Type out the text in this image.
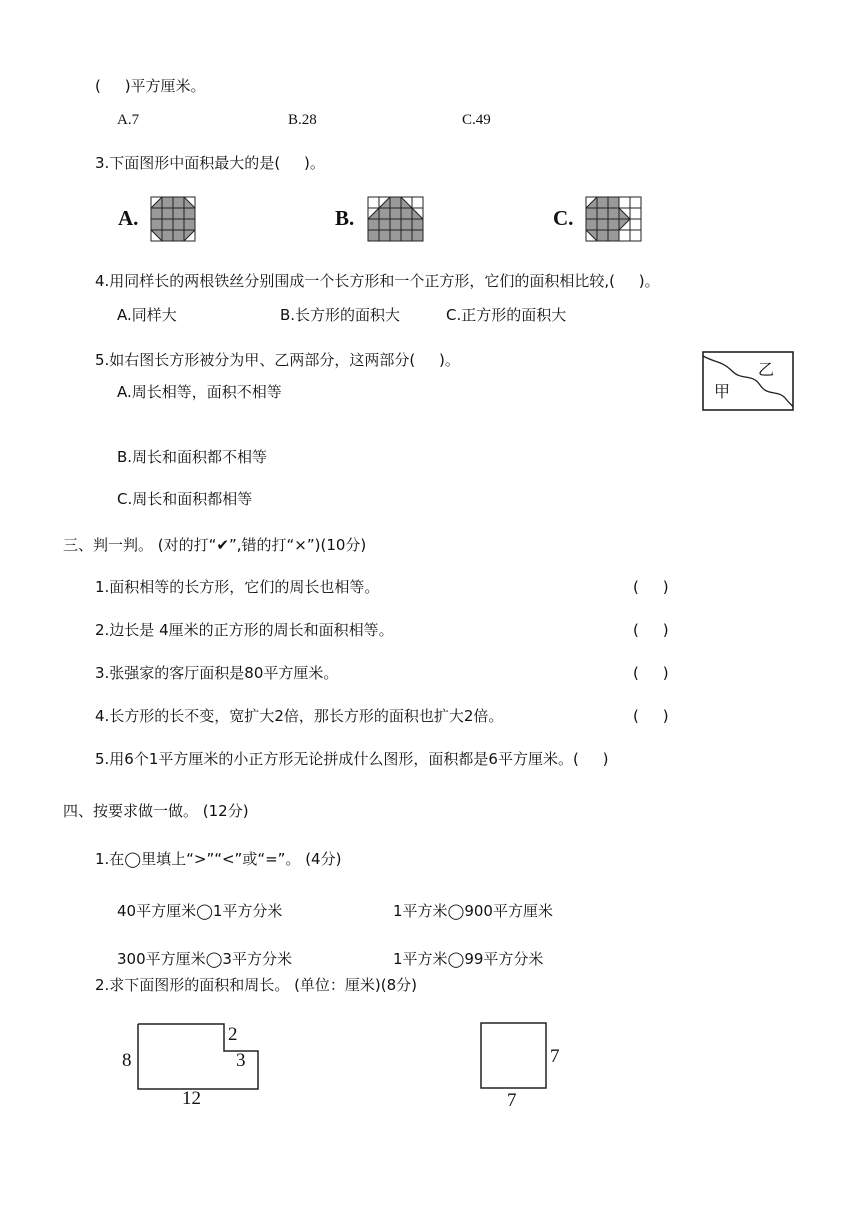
(     )平方厘米。
A.7	B.28	C.49
3.下面图形中面积最大的是(     )。
A.	B.	C.
4.用同样长的两根铁丝分别围成一个长方形和一个正方形，它们的面积相比较,(     )。
A.同样大	B.长方形的面积大	C.正方形的面积大
5.如右图长方形被分为甲、乙两部分，这两部分(     )。
A.周长相等，面积不相等
B.周长和面积都不相等
C.周长和面积都相等
甲
乙
三、判一判。 (对的打“✔”,错的打“×”)(10分)
1.面积相等的长方形，它们的周长也相等。	(     )
2.边长是 4厘米的正方形的周长和面积相等。	(     )
3.张强家的客厅面积是80平方厘米。	(     )
4.长方形的长不变，宽扩大2倍，那长方形的面积也扩大2倍。	(     )
5.用6个1平方厘米的小正方形无论拼成什么图形，面积都是6平方厘米。(     )
四、按要求做一做。 (12分)
1.在◯里填上“>”“<”或“=”。 (4分)
40平方厘米◯1平方分米	1平方米◯900平方厘米
300平方厘米◯3平方分米	1平方米◯99平方分米
2.求下面图形的面积和周长。 (单位：厘米)(8分)
8
2
3
12
7
7
